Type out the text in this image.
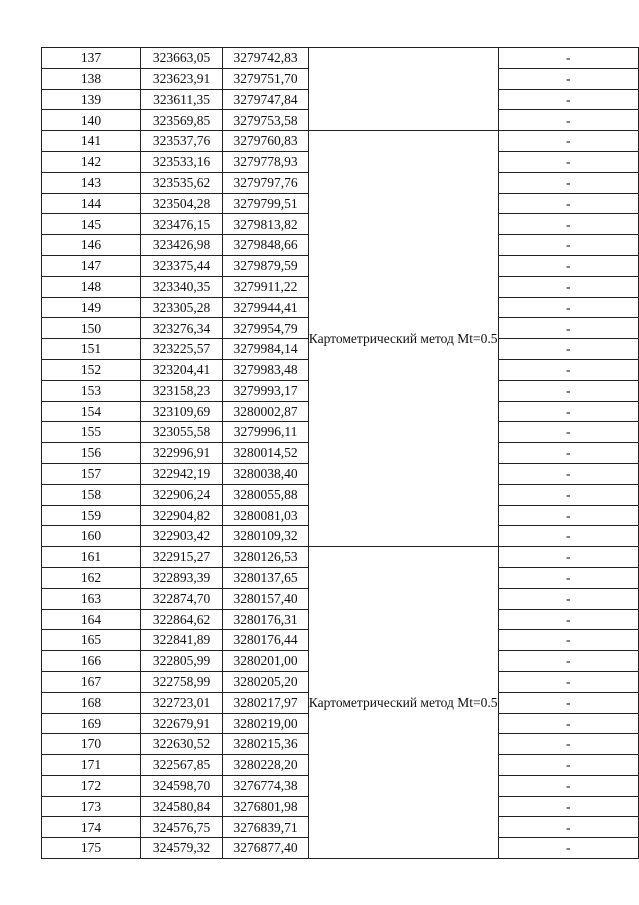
137	323663,05	3279742,83		-
138	323623,91	3279751,70		-
139	323611,35	3279747,84		-
140	323569,85	3279753,58		-
141	323537,76	3279760,83	Картометрический метод Mt=0.5	-
142	323533,16	3279778,93		-
143	323535,62	3279797,76		-
144	323504,28	3279799,51		-
145	323476,15	3279813,82		-
146	323426,98	3279848,66		-
147	323375,44	3279879,59		-
148	323340,35	3279911,22		-
149	323305,28	3279944,41		-
150	323276,34	3279954,79		-
151	323225,57	3279984,14		-
152	323204,41	3279983,48		-
153	323158,23	3279993,17		-
154	323109,69	3280002,87		-
155	323055,58	3279996,11		-
156	322996,91	3280014,52		-
157	322942,19	3280038,40		-
158	322906,24	3280055,88		-
159	322904,82	3280081,03		-
160	322903,42	3280109,32		-
161	322915,27	3280126,53	Картометрический метод Mt=0.5	-
162	322893,39	3280137,65		-
163	322874,70	3280157,40		-
164	322864,62	3280176,31		-
165	322841,89	3280176,44		-
166	322805,99	3280201,00		-
167	322758,99	3280205,20		-
168	322723,01	3280217,97		-
169	322679,91	3280219,00		-
170	322630,52	3280215,36		-
171	322567,85	3280228,20		-
172	324598,70	3276774,38		-
173	324580,84	3276801,98		-
174	324576,75	3276839,71		-
175	324579,32	3276877,40		-
